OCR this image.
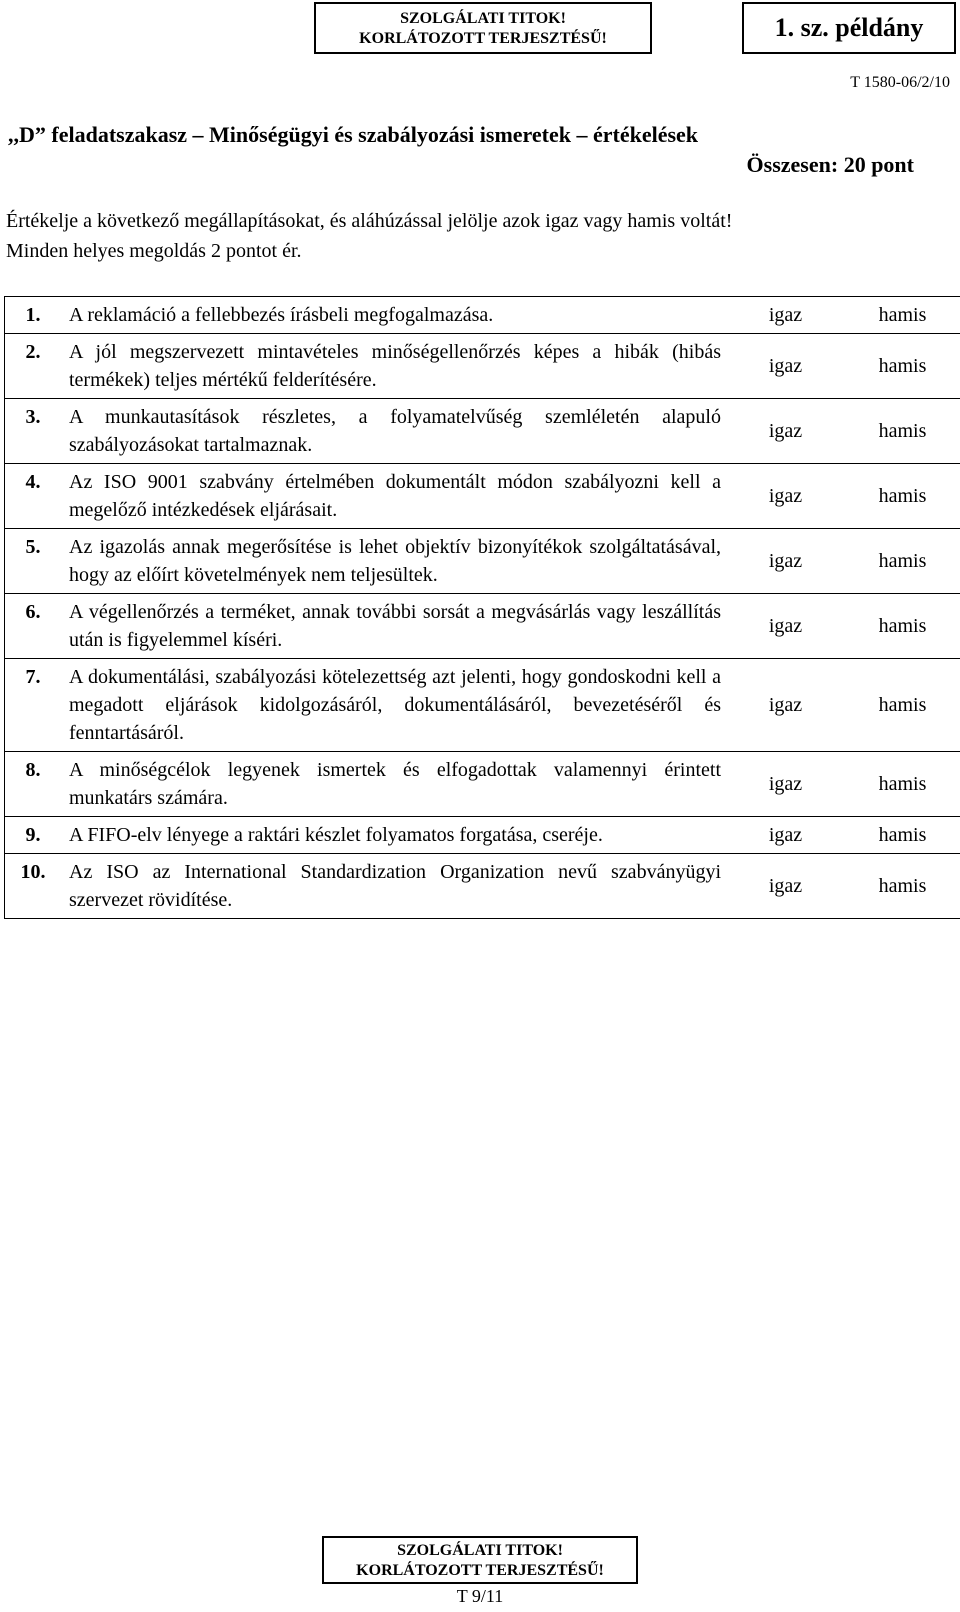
SZOLGÁLATI TITOK!
KORLÁTOZOTT TERJESZTÉSŰ!	1. sz. példány
T 1580-06/2/10
,,D” feladatszakasz – Minőségügyi és szabályozási ismeretek – értékelések
Összesen: 20 pont
Értékelje a következő megállapításokat, és aláhúzással jelölje azok igaz vagy hamis voltát!
Minden helyes megoldás 2 pontot ér.
1.	A reklamáció a fellebbezés írásbeli megfogalmazása.	igaz	hamis
2.	A jól megszervezett mintavételes minőségellenőrzés képes a hibák (hibás termékek) teljes mértékű felderítésére.	igaz	hamis
3.	A munkautasítások részletes, a folyamatelvűség szemléletén alapuló szabályozásokat tartalmaznak.	igaz	hamis
4.	Az ISO 9001 szabvány értelmében dokumentált módon szabályozni kell a megelőző intézkedések eljárásait.	igaz	hamis
5.	Az igazolás annak megerősítése is lehet objektív bizonyítékok szolgáltatásával, hogy az előírt követelmények nem teljesültek.	igaz	hamis
6.	A végellenőrzés a terméket, annak további sorsát a megvásárlás vagy leszállítás után is figyelemmel kíséri.	igaz	hamis
7.	A dokumentálási, szabályozási kötelezettség azt jelenti, hogy gondoskodni kell a megadott eljárások kidolgozásáról, dokumentálásáról, bevezetéséről és fenntartásáról.	igaz	hamis
8.	A minőségcélok legyenek ismertek és elfogadottak valamennyi érintett munkatárs számára.	igaz	hamis
9.	A FIFO-elv lényege a raktári készlet folyamatos forgatása, cseréje.	igaz	hamis
10.	Az ISO az International Standardization Organization nevű szabványügyi szervezet rövidítése.	igaz	hamis
SZOLGÁLATI TITOK!
KORLÁTOZOTT TERJESZTÉSŰ!
T 9/11
